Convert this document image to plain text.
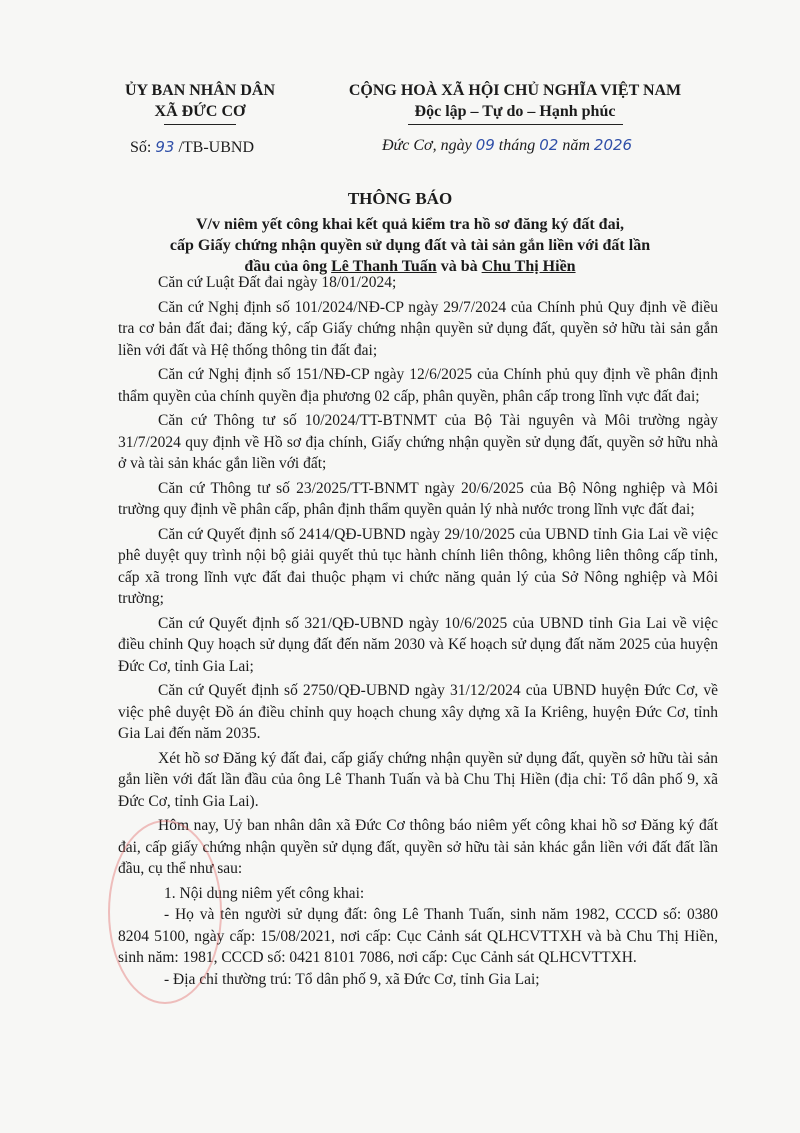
ỦY BAN NHÂN DÂN
XÃ ĐỨC CƠ
CỘNG HOÀ XÃ HỘI CHỦ NGHĨA VIỆT NAM
Độc lập – Tự do – Hạnh phúc
Số: 93 /TB-UBND	Đức Cơ, ngày 09 tháng 02 năm 2026
THÔNG BÁO
V/v niêm yết công khai kết quả kiểm tra hồ sơ đăng ký đất đai,
cấp Giấy chứng nhận quyền sử dụng đất và tài sản gắn liền với đất lần
đầu của ông Lê Thanh Tuấn và bà Chu Thị Hiền

Căn cứ Luật Đất đai ngày 18/01/2024;

Căn cứ Nghị định số 101/2024/NĐ-CP ngày 29/7/2024 của Chính phủ Quy định về điều tra cơ bản đất đai; đăng ký, cấp Giấy chứng nhận quyền sử dụng đất, quyền sở hữu tài sản gắn liền với đất và Hệ thống thông tin đất đai;

Căn cứ Nghị định số 151/NĐ-CP ngày 12/6/2025 của Chính phủ quy định về phân định thẩm quyền của chính quyền địa phương 02 cấp, phân quyền, phân cấp trong lĩnh vực đất đai;

Căn cứ Thông tư số 10/2024/TT-BTNMT của Bộ Tài nguyên và Môi trường ngày 31/7/2024 quy định về Hồ sơ địa chính, Giấy chứng nhận quyền sử dụng đất, quyền sở hữu nhà ở và tài sản khác gắn liền với đất;

Căn cứ Thông tư số 23/2025/TT-BNMT ngày 20/6/2025 của Bộ Nông nghiệp và Môi trường quy định về phân cấp, phân định thẩm quyền quản lý nhà nước trong lĩnh vực đất đai;

Căn cứ Quyết định số 2414/QĐ-UBND ngày 29/10/2025 của UBND tỉnh Gia Lai về việc phê duyệt quy trình nội bộ giải quyết thủ tục hành chính liên thông, không liên thông cấp tỉnh, cấp xã trong lĩnh vực đất đai thuộc phạm vi chức năng quản lý của Sở Nông nghiệp và Môi trường;

Căn cứ Quyết định số 321/QĐ-UBND ngày 10/6/2025 của UBND tỉnh Gia Lai về việc điều chỉnh Quy hoạch sử dụng đất đến năm 2030 và Kế hoạch sử dụng đất năm 2025 của huyện Đức Cơ, tỉnh Gia Lai;

Căn cứ Quyết định số 2750/QĐ-UBND ngày 31/12/2024 của UBND huyện Đức Cơ, về việc phê duyệt Đồ án điều chỉnh quy hoạch chung xây dựng xã Ia Kriêng, huyện Đức Cơ, tỉnh Gia Lai đến năm 2035.

Xét hồ sơ Đăng ký đất đai, cấp giấy chứng nhận quyền sử dụng đất, quyền sở hữu tài sản gắn liền với đất lần đầu của ông Lê Thanh Tuấn và bà Chu Thị Hiền (địa chỉ: Tổ dân phố 9, xã Đức Cơ, tỉnh Gia Lai).

Hôm nay, Uỷ ban nhân dân xã Đức Cơ thông báo niêm yết công khai hồ sơ Đăng ký đất đai, cấp giấy chứng nhận quyền sử dụng đất, quyền sở hữu tài sản khác gắn liền với đất đất lần đầu, cụ thể như sau:

1. Nội dung niêm yết công khai:

- Họ và tên người sử dụng đất: ông Lê Thanh Tuấn, sinh năm 1982, CCCD số: 0380 8204 5100, ngày cấp: 15/08/2021, nơi cấp: Cục Cảnh sát QLHCVTTXH và bà Chu Thị Hiền, sinh năm: 1981, CCCD số: 0421 8101 7086, nơi cấp: Cục Cảnh sát QLHCVTTXH.

- Địa chỉ thường trú: Tổ dân phố 9, xã Đức Cơ, tỉnh Gia Lai;
